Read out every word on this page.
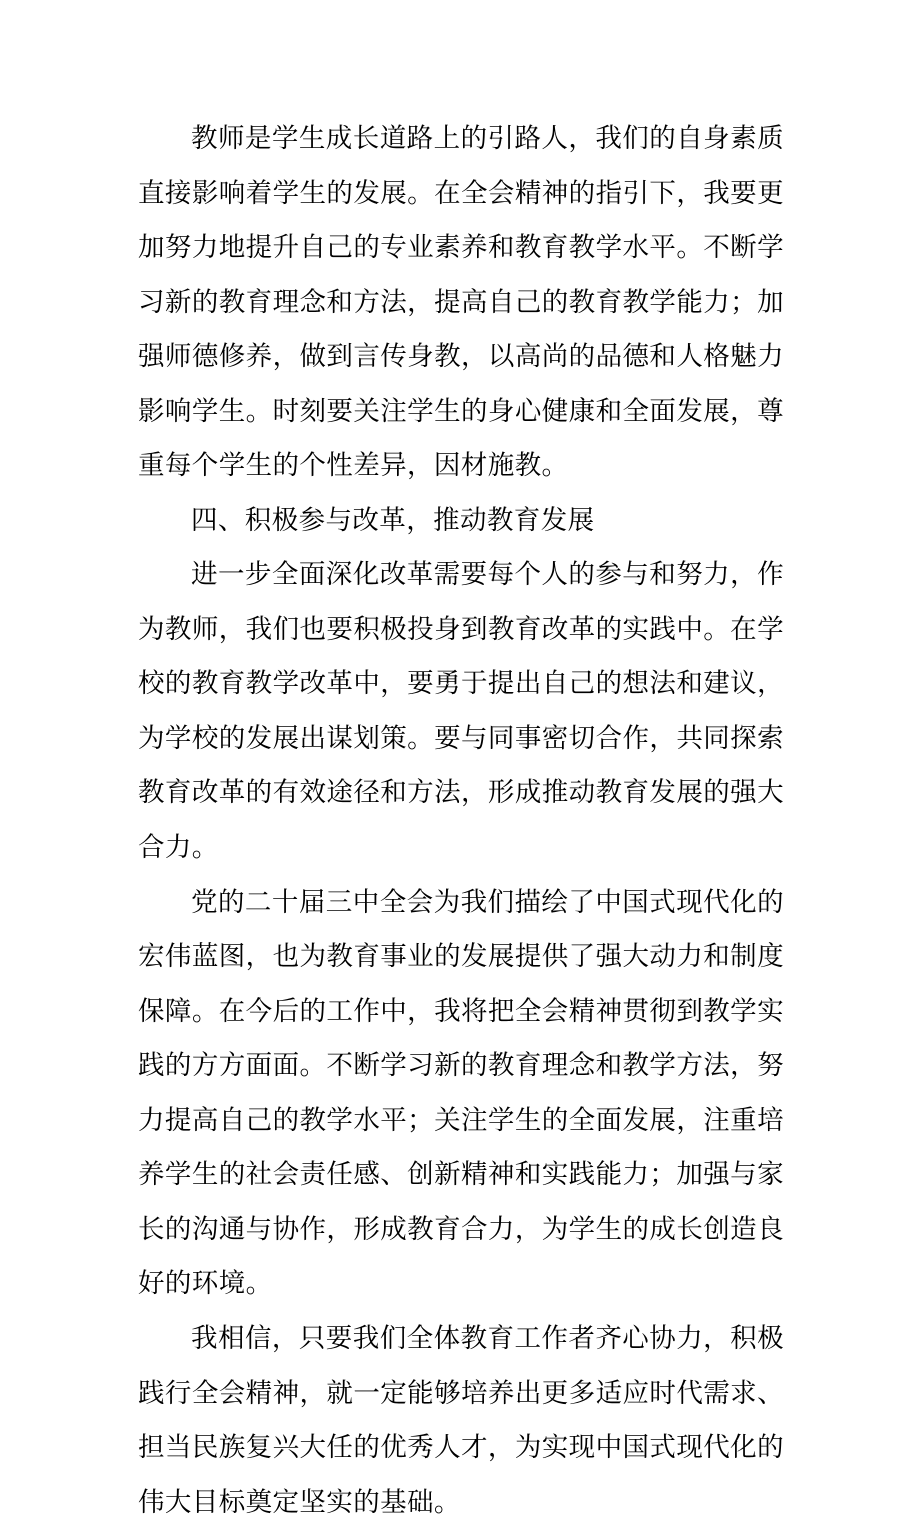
教师是学生成长道路上的引路人，我们的自身素质直接影响着学生的发展。在全会精神的指引下，我要更加努力地提升自己的专业素养和教育教学水平。不断学习新的教育理念和方法，提高自己的教育教学能力；加强师德修养，做到言传身教，以高尚的品德和人格魅力影响学生。时刻要关注学生的身心健康和全面发展，尊重每个学生的个性差异，因材施教。

四、积极参与改革，推动教育发展

进一步全面深化改革需要每个人的参与和努力，作为教师，我们也要积极投身到教育改革的实践中。在学校的教育教学改革中，要勇于提出自己的想法和建议，为学校的发展出谋划策。要与同事密切合作，共同探索教育改革的有效途径和方法，形成推动教育发展的强大合力。

党的二十届三中全会为我们描绘了中国式现代化的宏伟蓝图，也为教育事业的发展提供了强大动力和制度保障。在今后的工作中，我将把全会精神贯彻到教学实践的方方面面。不断学习新的教育理念和教学方法，努力提高自己的教学水平；关注学生的全面发展，注重培养学生的社会责任感、创新精神和实践能力；加强与家长的沟通与协作，形成教育合力，为学生的成长创造良好的环境。

我相信，只要我们全体教育工作者齐心协力，积极践行全会精神，就一定能够培养出更多适应时代需求、担当民族复兴大任的优秀人才，为实现中国式现代化的伟大目标奠定坚实的基础。
